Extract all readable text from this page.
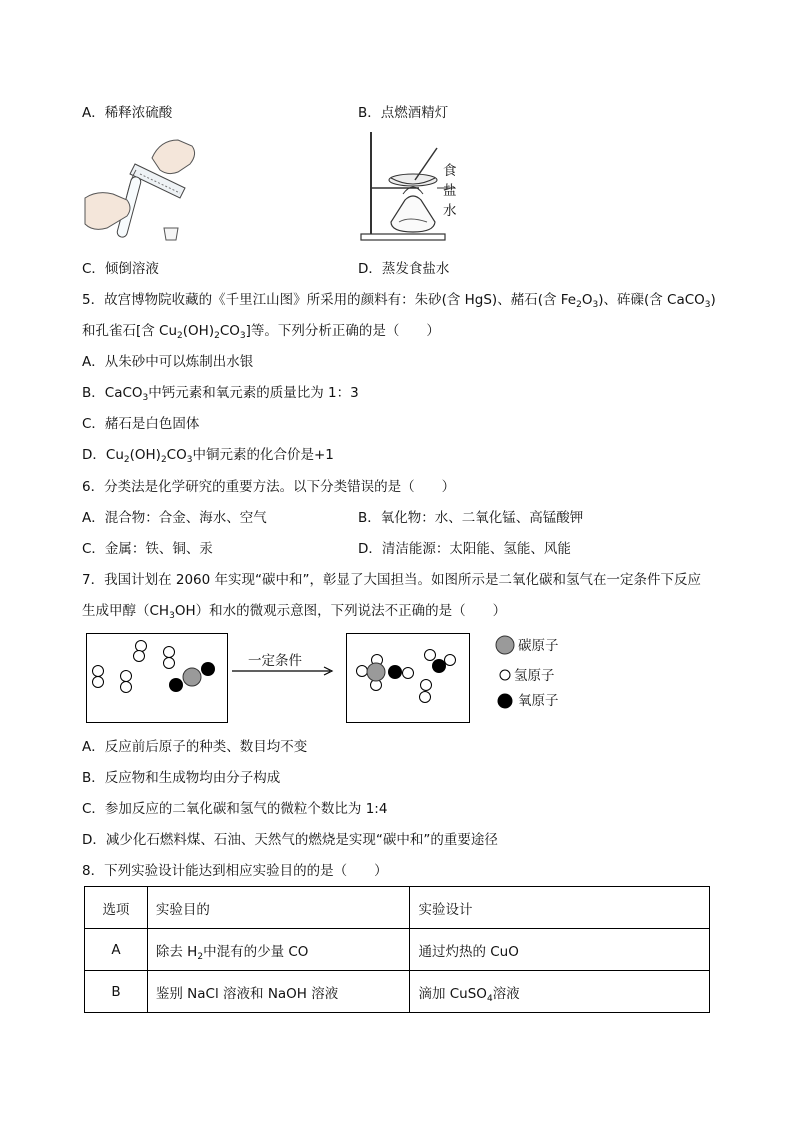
A．稀释浓硫酸	B．点燃酒精灯
食
盐
水
C．倾倒溶液	D．蒸发食盐水
5．故宫博物院收藏的《千里江山图》所采用的颜料有：朱砂(含 HgS)、赭石(含 $Fe_2O_3$)、砗磲(含 CaCO$_3$)
和孔雀石[含 $Cu_2(OH)_2CO_3$]等。下列分析正确的是（　　）
A．从朱砂中可以炼制出水银
B．CaCO$_3$中钙元素和氧元素的质量比为 1：3
C．赭石是白色固体
D．$Cu_2(OH)_2CO_3$中铜元素的化合价是+1
6．分类法是化学研究的重要方法。以下分类错误的是（　　）
A．混合物：合金、海水、空气	B．氧化物：水、二氧化锰、高锰酸钾
C．金属：铁、铜、汞	D．清洁能源：太阳能、氢能、风能
7．我国计划在 2060 年实现“碳中和”，彰显了大国担当。如图所示是二氧化碳和氢气在一定条件下反应
生成甲醇$(CH_3OH)$和水的微观示意图，下列说法不正确的是（　　）
一定条件
碳原子
氢原子
氧原子
A．反应前后原子的种类、数目均不变
B．反应物和生成物均由分子构成
C．参加反应的二氧化碳和氢气的微粒个数比为 1:4
D．减少化石燃料煤、石油、天然气的燃烧是实现“碳中和”的重要途径
8．下列实验设计能达到相应实验目的的是（　　）
选项	实验目的	实验设计
A	除去 $H_2$中混有的少量 CO	通过灼热的 CuO
B	鉴别 NaCl 溶液和 NaOH 溶液	滴加 CuSO$_4$溶液
